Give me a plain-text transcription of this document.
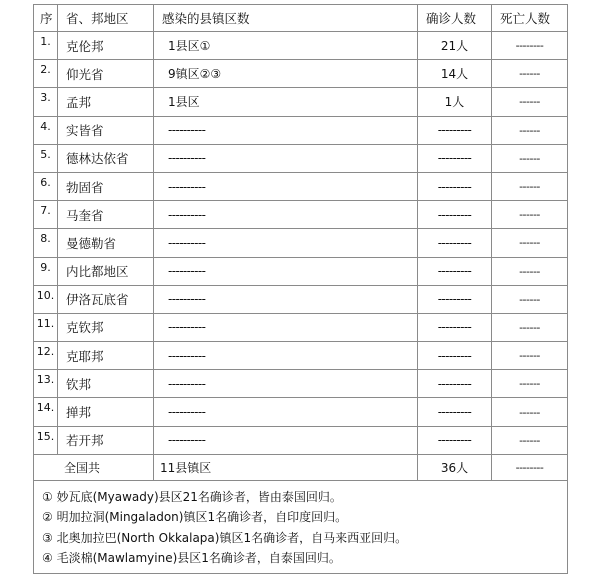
序	省、邦地区	感染的县镇区数	确诊人数	死亡人数
1.	克伦邦	1县区①	21人	--------
2.	仰光省	9镇区②③	14人	------
3.	孟邦	1县区	1人	------
4.	实皆省	----------	---------	------
5.	德林达依省	----------	---------	------
6.	勃固省	----------	---------	------
7.	马奎省	----------	---------	------
8.	曼德勒省	----------	---------	------
9.	内比都地区	----------	---------	------
10.	伊洛瓦底省	----------	---------	------
11.	克钦邦	----------	---------	------
12.	克耶邦	----------	---------	------
13.	钦邦	----------	---------	------
14.	掸邦	----------	---------	------
15.	若开邦	----------	---------	------
全国共		11县镇区	36人	--------

① 妙瓦底(Myawady)县区21名确诊者，皆由泰国回归。
② 明加拉洞(Mingaladon)镇区1名确诊者，自印度回归。
③ 北奥加拉巴(North Okkalapa)镇区1名确诊者，自马来西亚回归。
④ 毛淡棉(Mawlamyine)县区1名确诊者，自泰国回归。				
